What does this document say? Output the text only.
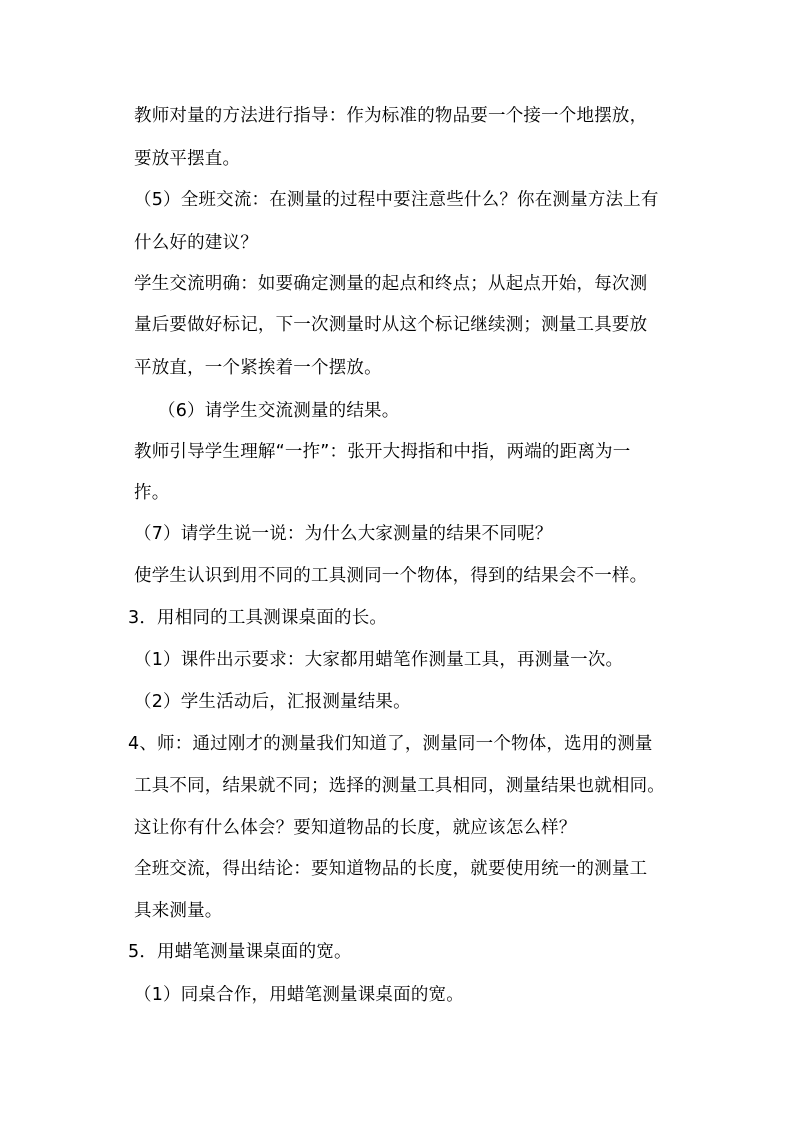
教师对量的方法进行指导：作为标准的物品要一个接一个地摆放，
要放平摆直。
（5）全班交流：在测量的过程中要注意些什么？你在测量方法上有
什么好的建议？
学生交流明确：如要确定测量的起点和终点；从起点开始，每次测
量后要做好标记，下一次测量时从这个标记继续测；测量工具要放
平放直，一个紧挨着一个摆放。
（6）请学生交流测量的结果。
教师引导学生理解“一拃”：张开大拇指和中指，两端的距离为一
拃。
（7）请学生说一说：为什么大家测量的结果不同呢？
使学生认识到用不同的工具测同一个物体，得到的结果会不一样。
3．用相同的工具测课桌面的长。
（1）课件出示要求：大家都用蜡笔作测量工具，再测量一次。
（2）学生活动后，汇报测量结果。
4、师：通过刚才的测量我们知道了，测量同一个物体，选用的测量
工具不同，结果就不同；选择的测量工具相同，测量结果也就相同。
这让你有什么体会？要知道物品的长度，就应该怎么样？
全班交流，得出结论：要知道物品的长度，就要使用统一的测量工
具来测量。
5．用蜡笔测量课桌面的宽。
（1）同桌合作，用蜡笔测量课桌面的宽。
